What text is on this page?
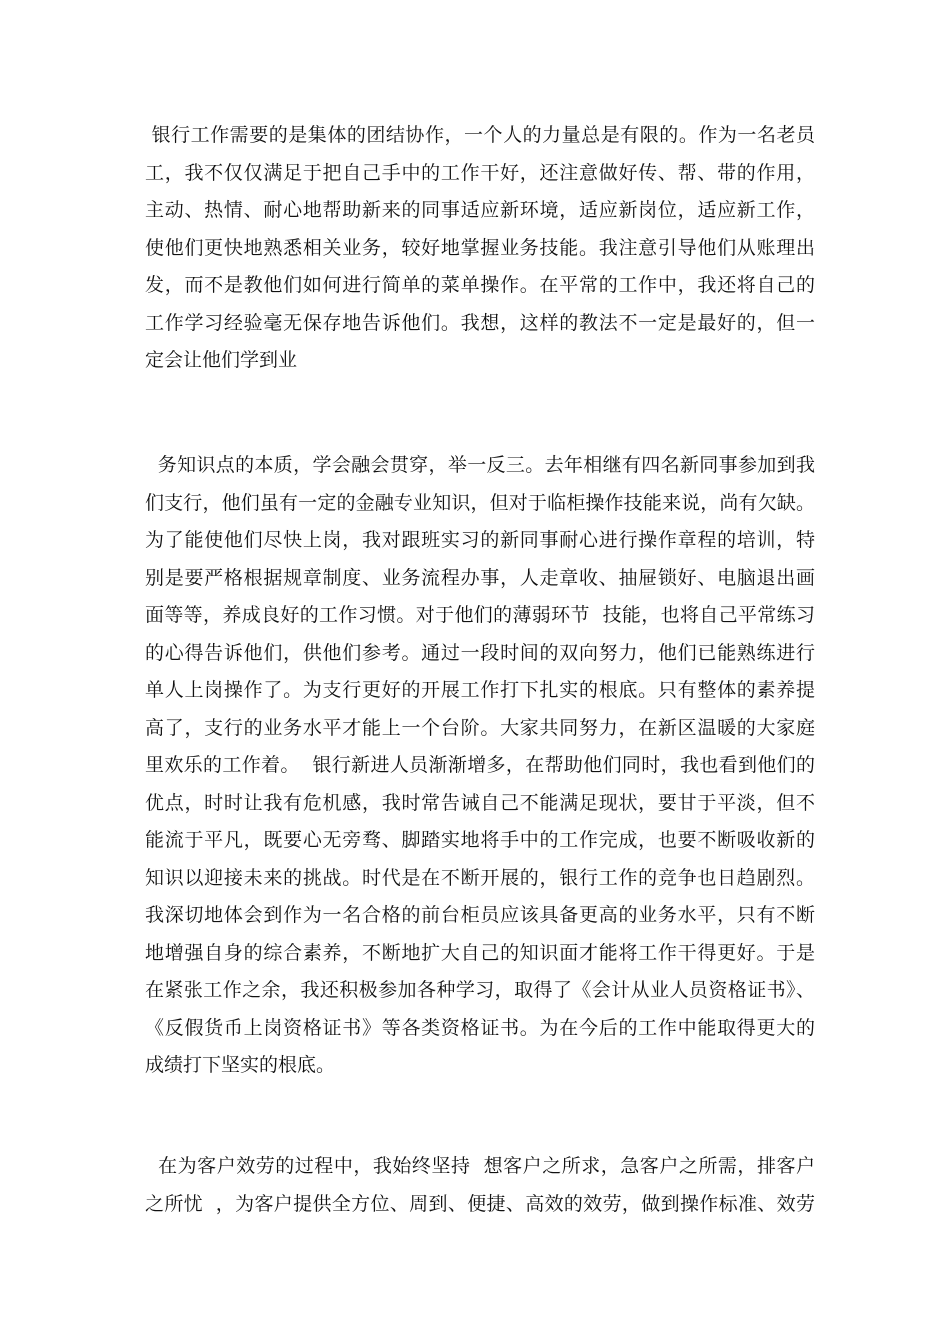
银行工作需要的是集体的团结协作，一个人的力量总是有限的。作为一名老员
工，我不仅仅满足于把自己手中的工作干好，还注意做好传、帮、带的作用，
主动、热情、耐心地帮助新来的同事适应新环境，适应新岗位，适应新工作，
使他们更快地熟悉相关业务，较好地掌握业务技能。我注意引导他们从账理出
发，而不是教他们如何进行简单的菜单操作。在平常的工作中，我还将自己的
工作学习经验毫无保存地告诉他们。我想，这样的教法不一定是最好的，但一
定会让他们学到业
务知识点的本质，学会融会贯穿，举一反三。去年相继有四名新同事参加到我
们支行，他们虽有一定的金融专业知识，但对于临柜操作技能来说，尚有欠缺。
为了能使他们尽快上岗，我对跟班实习的新同事耐心进行操作章程的培训，特
别是要严格根据规章制度、业务流程办事，人走章收、抽屉锁好、电脑退出画
面等等，养成良好的工作习惯。对于他们的薄弱环节  技能，也将自己平常练习
的心得告诉他们，供他们参考。通过一段时间的双向努力，他们已能熟练进行
单人上岗操作了。为支行更好的开展工作打下扎实的根底。只有整体的素养提
高了，支行的业务水平才能上一个台阶。大家共同努力，在新区温暖的大家庭
里欢乐的工作着。  银行新进人员渐渐增多，在帮助他们同时，我也看到他们的
优点，时时让我有危机感，我时常告诫自己不能满足现状，要甘于平淡，但不
能流于平凡，既要心无旁骛、脚踏实地将手中的工作完成，也要不断吸收新的
知识以迎接未来的挑战。时代是在不断开展的，银行工作的竞争也日趋剧烈。
我深切地体会到作为一名合格的前台柜员应该具备更高的业务水平，只有不断
地增强自身的综合素养，不断地扩大自己的知识面才能将工作干得更好。于是
在紧张工作之余，我还积极参加各种学习，取得了《会计从业人员资格证书》、
《反假货币上岗资格证书》等各类资格证书。为在今后的工作中能取得更大的
成绩打下坚实的根底。
在为客户效劳的过程中，我始终坚持  想客户之所求，急客户之所需，排客户
之所忧  ，为客户提供全方位、周到、便捷、高效的效劳，做到操作标准、效劳
